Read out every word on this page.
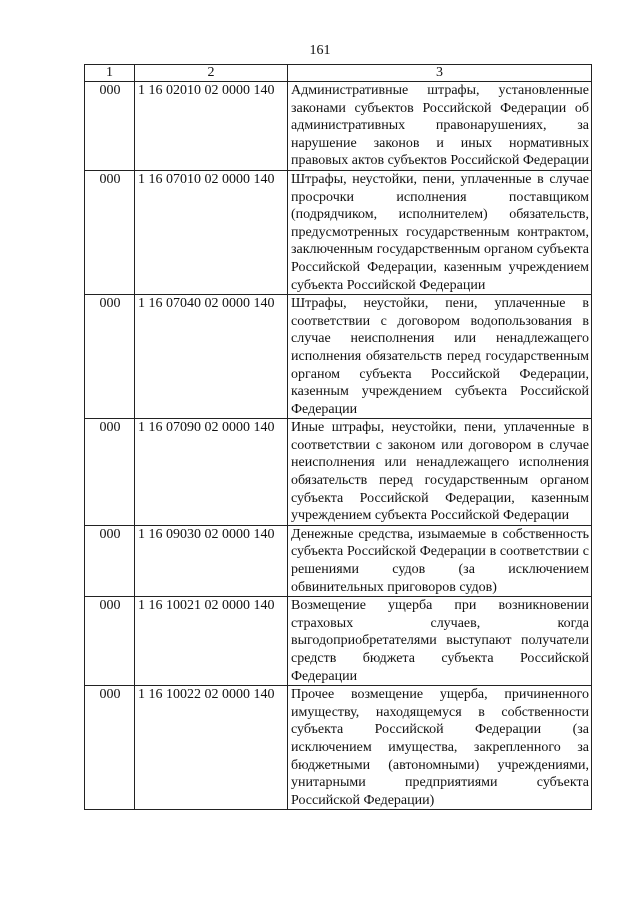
161
1	2	3
000	1 16 02010 02 0000 140	Административные штрафы, установленные законами субъектов Российской Федерации об административных правонарушениях, за нарушение законов и иных нормативных правовых актов субъектов Российской Федерации
000	1 16 07010 02 0000 140	Штрафы, неустойки, пени, уплаченные в случае просрочки исполнения поставщиком (подрядчиком, исполнителем) обязательств, предусмотренных государственным контрактом, заключенным государственным органом субъекта Российской Федерации, казенным учреждением субъекта Российской Федерации
000	1 16 07040 02 0000 140	Штрафы, неустойки, пени, уплаченные в соответствии с договором водопользования в случае неисполнения или ненадлежащего исполнения обязательств перед государственным органом субъекта Российской Федерации, казенным учреждением субъекта Российской Федерации
000	1 16 07090 02 0000 140	Иные штрафы, неустойки, пени, уплаченные в соответствии с законом или договором в случае неисполнения или ненадлежащего исполнения обязательств перед государственным органом субъекта Российской Федерации, казенным учреждением субъекта Российской Федерации
000	1 16 09030 02 0000 140	Денежные средства, изымаемые в собственность субъекта Российской Федерации в соответствии с решениями судов (за исключением обвинительных приговоров судов)
000	1 16 10021 02 0000 140	Возмещение ущерба при возникновении страховых случаев, когда выгодоприобретателями выступают получатели средств бюджета субъекта Российской Федерации
000	1 16 10022 02 0000 140	Прочее возмещение ущерба, причиненного имуществу, находящемуся в собственности субъекта Российской Федерации (за исключением имущества, закрепленного за бюджетными (автономными) учреждениями, унитарными предприятиями субъекта Российской Федерации)
